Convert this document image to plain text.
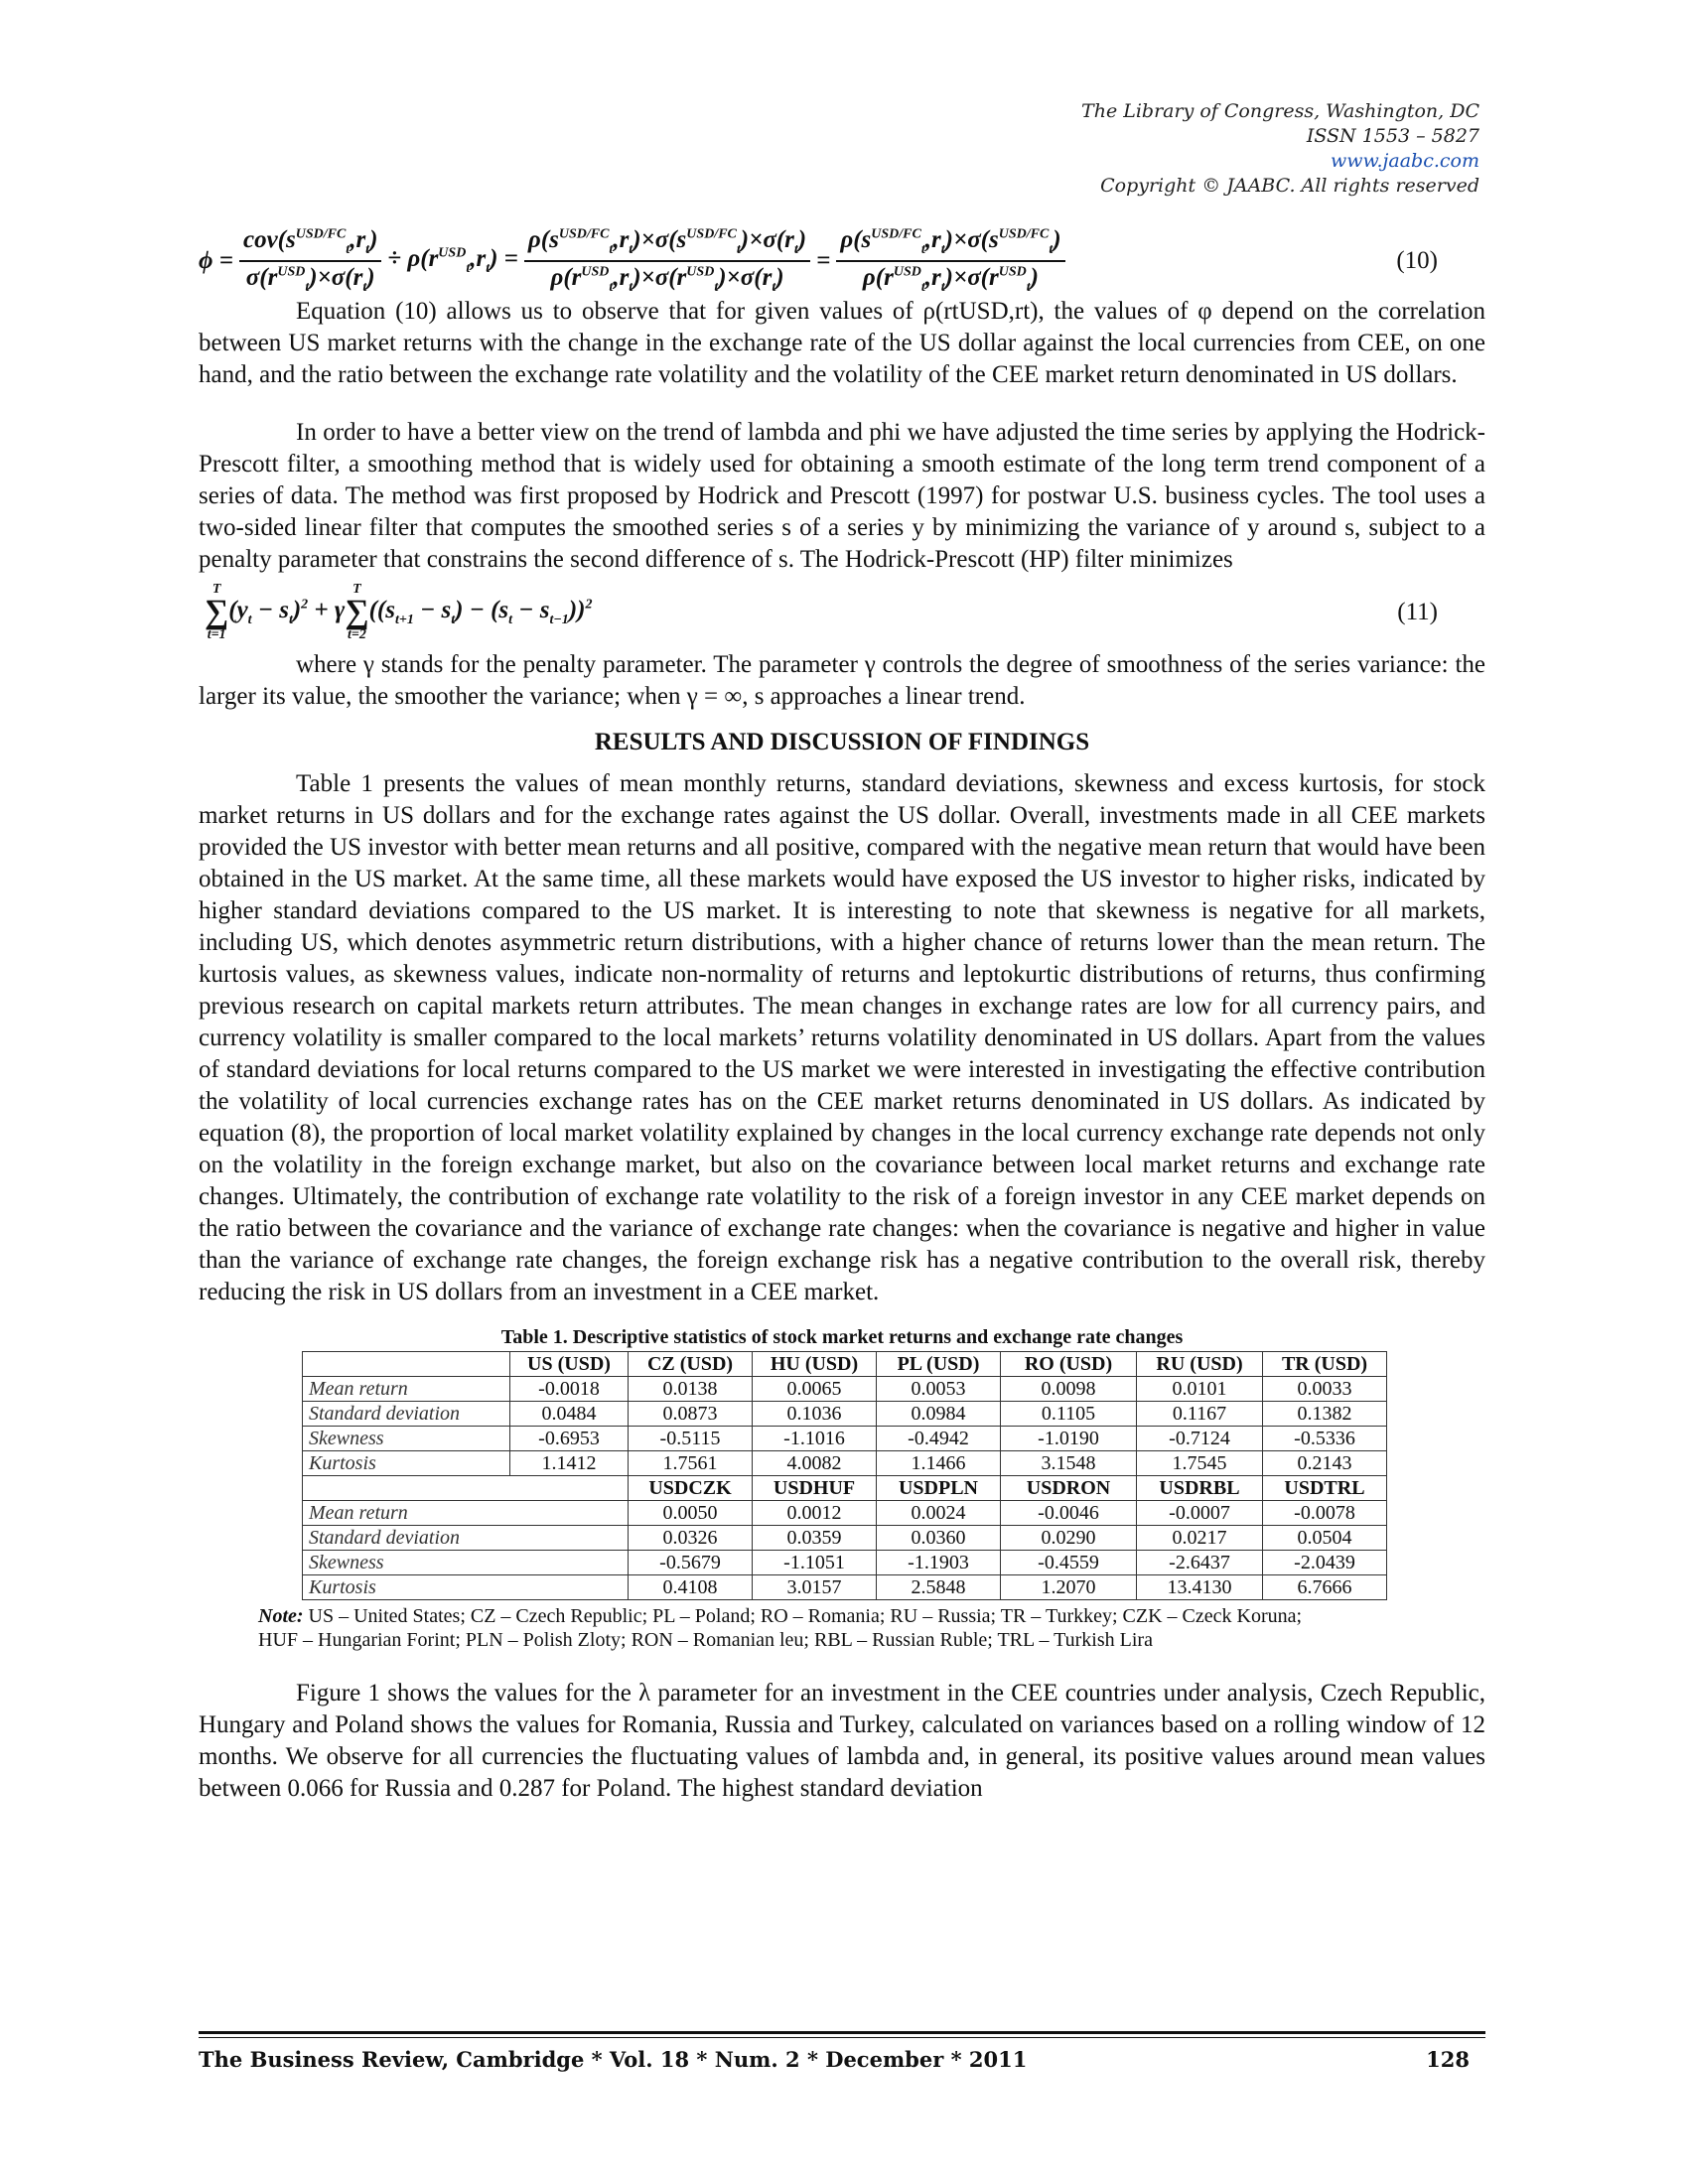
The Library of Congress, Washington, DC
ISSN 1553 – 5827
www.jaabc.com
Copyright © JAABC. All rights reserved
$\phi = \frac{cov(s^{USD/FC}_t,r_t)}{\sigma(r^{USD}_t)\times\sigma(r_t)} \div \rho(r^{USD}_t,r_t) = \frac{\rho(s^{USD/FC}_t,r_t)\times\sigma(s^{USD/FC}_t)\times\sigma(r_t)}{\rho(r^{USD}_t,r_t)\times\sigma(r^{USD}_t)\times\sigma(r_t)} = \frac{\rho(s^{USD/FC}_t,r_t)\times\sigma(s^{USD/FC}_t)}{\rho(r^{USD}_t,r_t)\times\sigma(r^{USD}_t)}$	(10)

Equation (10) allows us to observe that for given values of ρ(rtUSD,rt), the values of φ depend on the correlation between US market returns with the change in the exchange rate of the US dollar against the local currencies from CEE, on one hand, and the ratio between the exchange rate volatility and the volatility of the CEE market return denominated in US dollars.

In order to have a better view on the trend of lambda and phi we have adjusted the time series by applying the Hodrick-Prescott filter, a smoothing method that is widely used for obtaining a smooth estimate of the long term trend component of a series of data. The method was first proposed by Hodrick and Prescott (1997) for postwar U.S. business cycles. The tool uses a two-sided linear filter that computes the smoothed series s of a series y by minimizing the variance of y around s, subject to a penalty parameter that constrains the second difference of s. The Hodrick-Prescott (HP) filter minimizes

T
∑
t=1
$(y_t - s_t)^2 + \gamma$
T
∑
t=2
$((s_{t+1} - s_t) - (s_t - s_{t-1}))^2$	(11)

where γ stands for the penalty parameter. The parameter γ controls the degree of smoothness of the series variance: the larger its value, the smoother the variance; when γ = ∞, s approaches a linear trend.

RESULTS AND DISCUSSION OF FINDINGS

Table 1 presents the values of mean monthly returns, standard deviations, skewness and excess kurtosis, for stock market returns in US dollars and for the exchange rates against the US dollar. Overall, investments made in all CEE markets provided the US investor with better mean returns and all positive, compared with the negative mean return that would have been obtained in the US market. At the same time, all these markets would have exposed the US investor to higher risks, indicated by higher standard deviations compared to the US market. It is interesting to note that skewness is negative for all markets, including US, which denotes asymmetric return distributions, with a higher chance of returns lower than the mean return. The kurtosis values, as skewness values, indicate non-normality of returns and leptokurtic distributions of returns, thus confirming previous research on capital markets return attributes. The mean changes in exchange rates are low for all currency pairs, and currency volatility is smaller compared to the local markets’ returns volatility denominated in US dollars. Apart from the values of standard deviations for local returns compared to the US market we were interested in investigating the effective contribution the volatility of local currencies exchange rates has on the CEE market returns denominated in US dollars. As indicated by equation (8), the proportion of local market volatility explained by changes in the local currency exchange rate depends not only on the volatility in the foreign exchange market, but also on the covariance between local market returns and exchange rate changes. Ultimately, the contribution of exchange rate volatility to the risk of a foreign investor in any CEE market depends on the ratio between the covariance and the variance of exchange rate changes: when the covariance is negative and higher in value than the variance of exchange rate changes, the foreign exchange risk has a negative contribution to the overall risk, thereby reducing the risk in US dollars from an investment in a CEE market.

Table 1. Descriptive statistics of stock market returns and exchange rate changes
	US (USD)	CZ (USD)	HU (USD)	PL (USD)	RO (USD)	RU (USD)	TR (USD)
Mean return	-0.0018	0.0138	0.0065	0.0053	0.0098	0.0101	0.0033
Standard deviation	0.0484	0.0873	0.1036	0.0984	0.1105	0.1167	0.1382
Skewness	-0.6953	-0.5115	-1.1016	-0.4942	-1.0190	-0.7124	-0.5336
Kurtosis	1.1412	1.7561	4.0082	1.1466	3.1548	1.7545	0.2143
		USDCZK	USDHUF	USDPLN	USDRON	USDRBL	USDTRL
Mean return		0.0050	0.0012	0.0024	-0.0046	-0.0007	-0.0078
Standard deviation		0.0326	0.0359	0.0360	0.0290	0.0217	0.0504
Skewness		-0.5679	-1.1051	-1.1903	-0.4559	-2.6437	-2.0439
Kurtosis		0.4108	3.0157	2.5848	1.2070	13.4130	6.7666
Note: US – United States; CZ – Czech Republic; PL – Poland; RO – Romania; RU – Russia; TR – Turkkey; CZK – Czeck Koruna;
HUF – Hungarian Forint; PLN – Polish Zloty; RON – Romanian leu; RBL – Russian Ruble; TRL – Turkish Lira

Figure 1 shows the values for the λ parameter for an investment in the CEE countries under analysis, Czech Republic, Hungary and Poland shows the values for Romania, Russia and Turkey, calculated on variances based on a rolling window of 12 months. We observe for all currencies the fluctuating values of lambda and, in general, its positive values around mean values between 0.066 for Russia and 0.287 for Poland. The highest standard deviation

The Business Review, Cambridge * Vol. 18 * Num. 2 * December * 2011	128
